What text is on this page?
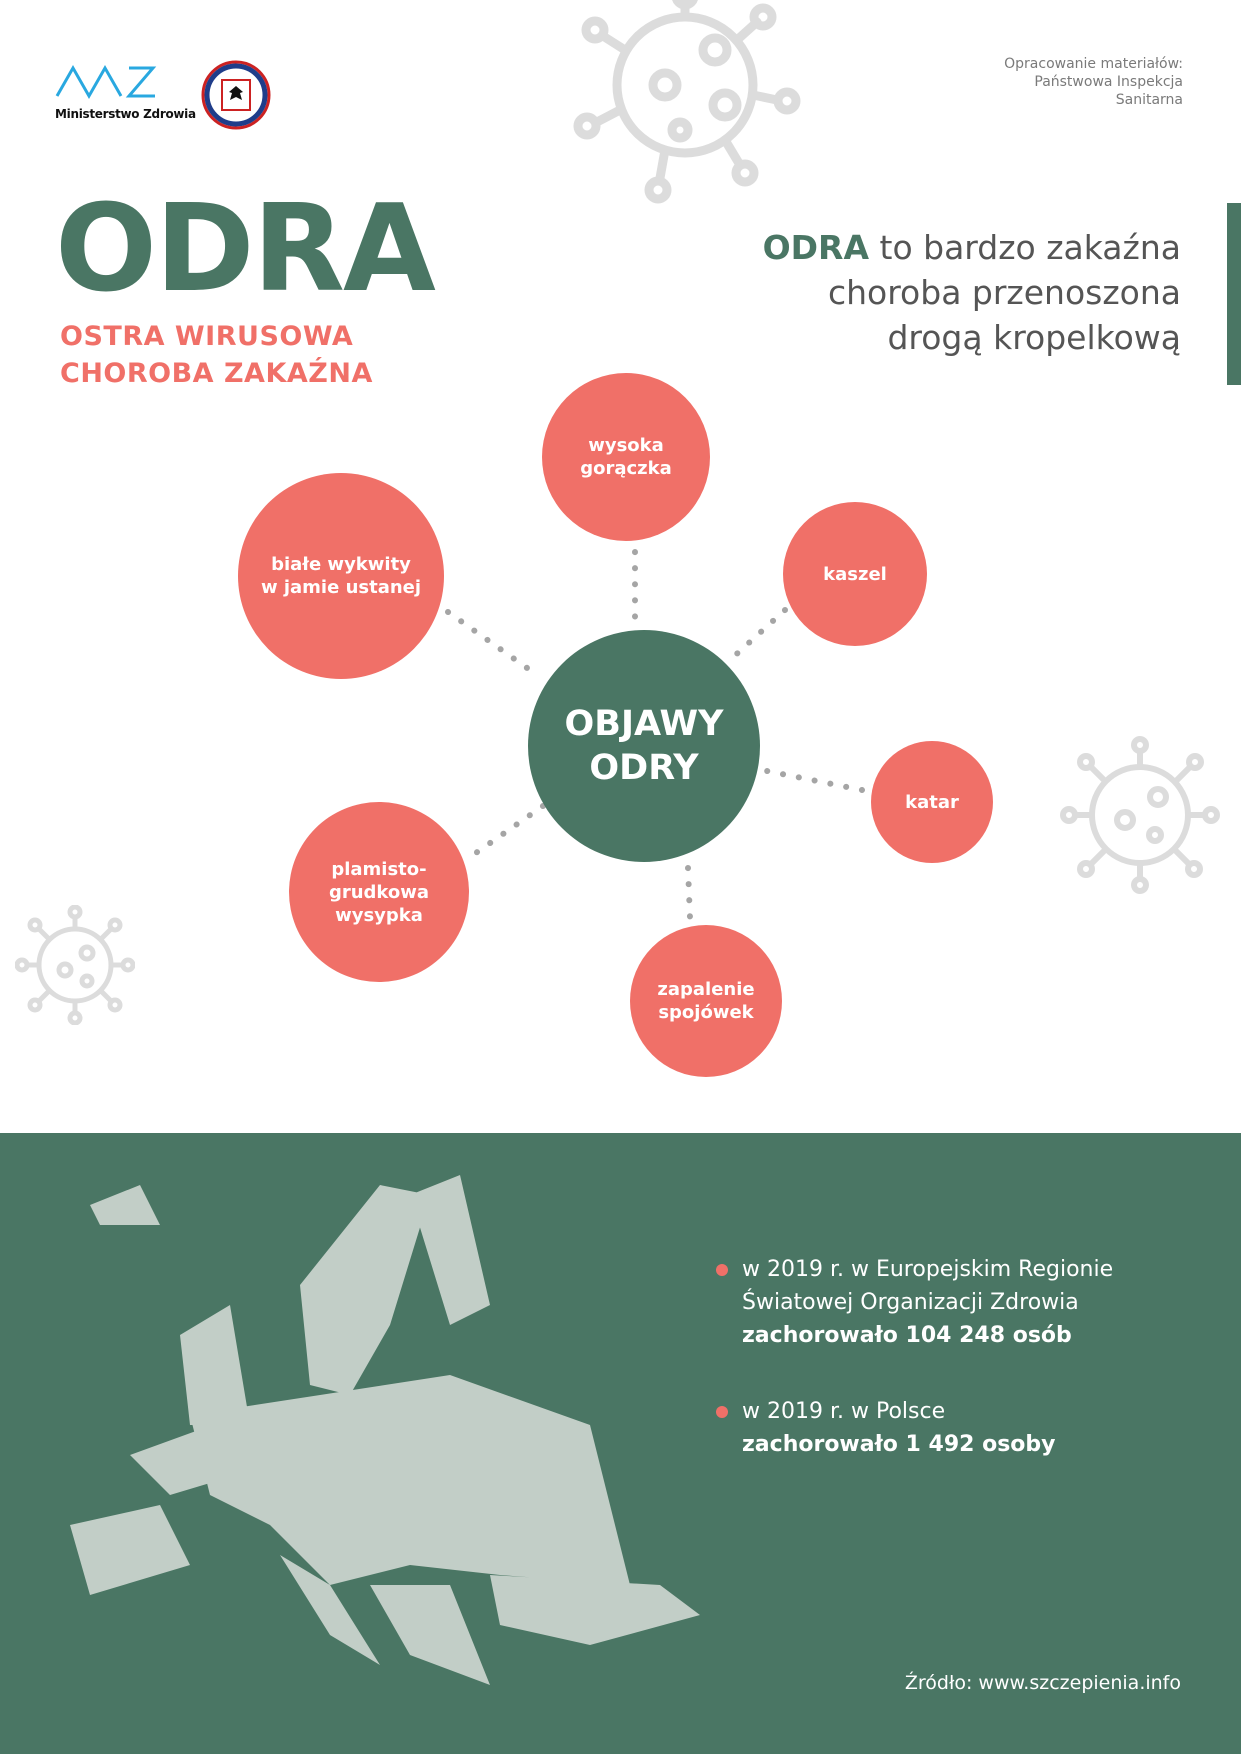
Ministerstwo Zdrowia
Opracowanie materiałów:
Państwowa Inspekcja
Sanitarna
ODRA
OSTRA WIRUSOWA
CHOROBA ZAKAŹNA
ODRA to bardzo zakaźna
choroba przenoszona
drogą kropelkową
wysoka
gorączka
kaszel
katar
zapalenie
spojówek
plamisto-
grudkowa
wysypka
białe wykwity
w jamie ustanej
OBJAWY
ODRY
w 2019 r. w Europejskim Regionie
Światowej Organizacji Zdrowia
zachorowało 104 248 osób
w 2019 r. w Polsce
zachorowało 1 492 osoby
Źródło: www.szczepienia.info
